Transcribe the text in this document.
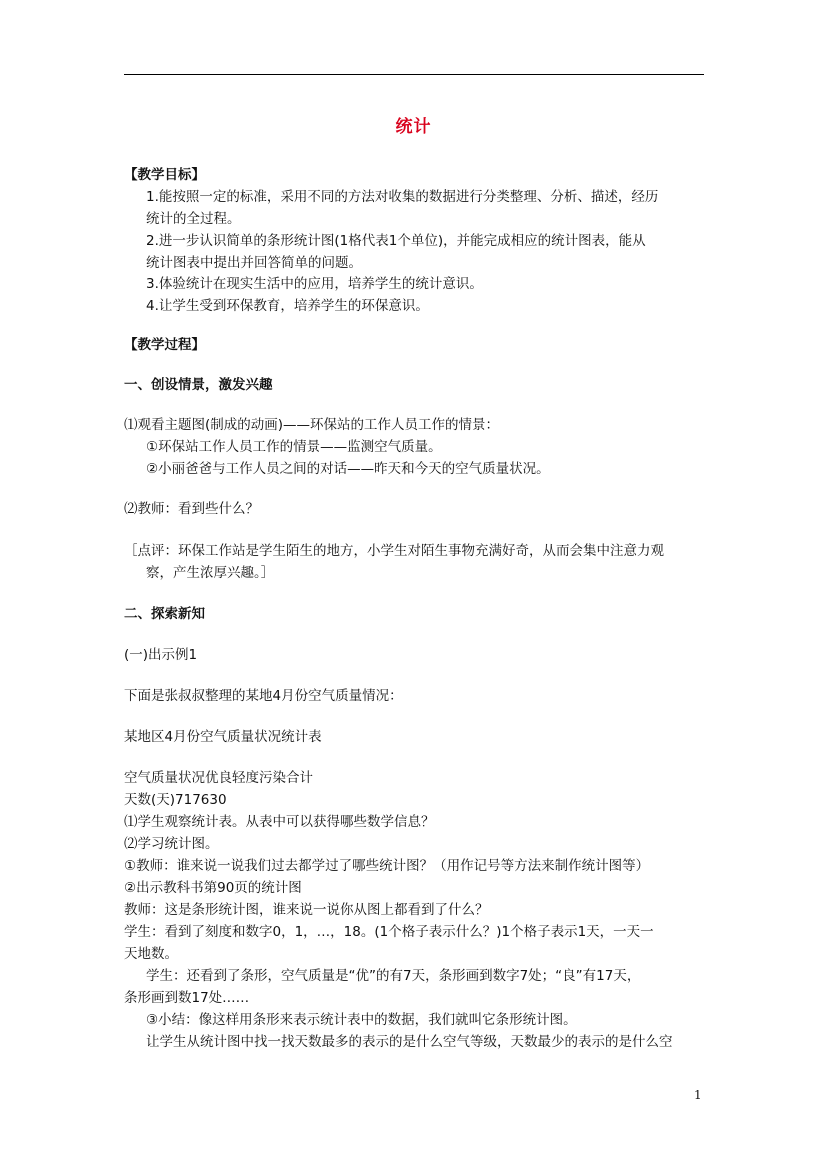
统计
【教学目标】
1.能按照一定的标准，采用不同的方法对收集的数据进行分类整理、分析、描述，经历
统计的全过程。
2.进一步认识简单的条形统计图(1格代表1个单位)，并能完成相应的统计图表，能从
统计图表中提出并回答简单的问题。
3.体验统计在现实生活中的应用，培养学生的统计意识。
4.让学生受到环保教育，培养学生的环保意识。
【教学过程】
一、创设情景，激发兴趣
⑴观看主题图(制成的动画)——环保站的工作人员工作的情景：
①环保站工作人员工作的情景——监测空气质量。
②小丽爸爸与工作人员之间的对话——昨天和今天的空气质量状况。
⑵教师：看到些什么？
［点评：环保工作站是学生陌生的地方，小学生对陌生事物充满好奇，从而会集中注意力观
察，产生浓厚兴趣。］
二、探索新知
(一)出示例1
下面是张叔叔整理的某地4月份空气质量情况：
某地区4月份空气质量状况统计表
空气质量状况优良轻度污染合计
天数(天)717630
⑴学生观察统计表。从表中可以获得哪些数学信息？
⑵学习统计图。
①教师：谁来说一说我们过去都学过了哪些统计图？（用作记号等方法来制作统计图等）
②出示教科书第90页的统计图
教师：这是条形统计图，谁来说一说你从图上都看到了什么？
学生：看到了刻度和数字0，1，…，18。(1个格子表示什么？)1个格子表示1天，一天一
天地数。
学生：还看到了条形，空气质量是“优”的有7天，条形画到数字7处；“良”有17天，
条形画到数17处……
③小结：像这样用条形来表示统计表中的数据，我们就叫它条形统计图。
让学生从统计图中找一找天数最多的表示的是什么空气等级，天数最少的表示的是什么空
1
